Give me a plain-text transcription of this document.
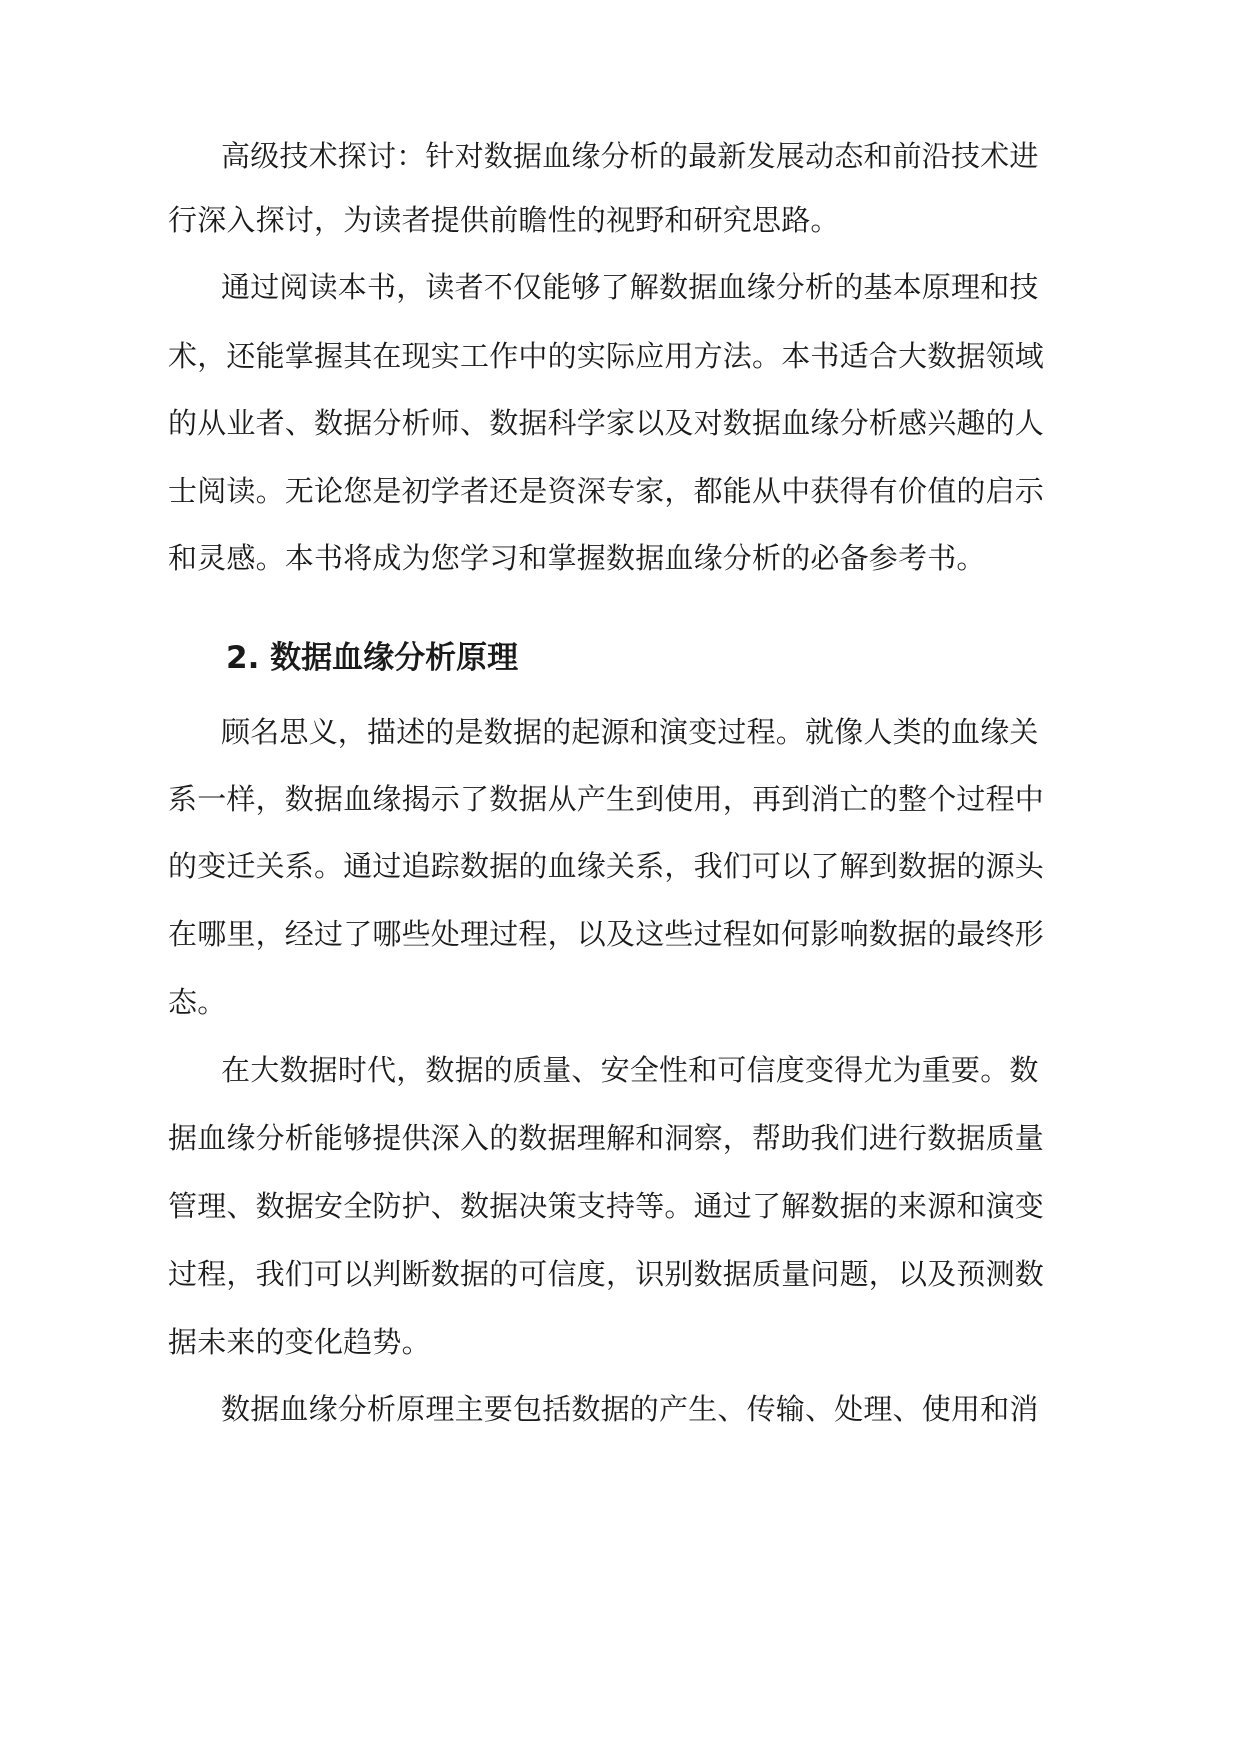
高级技术探讨：针对数据血缘分析的最新发展动态和前沿技术进
行深入探讨，为读者提供前瞻性的视野和研究思路。
通过阅读本书，读者不仅能够了解数据血缘分析的基本原理和技
术，还能掌握其在现实工作中的实际应用方法。本书适合大数据领域
的从业者、数据分析师、数据科学家以及对数据血缘分析感兴趣的人
士阅读。无论您是初学者还是资深专家，都能从中获得有价值的启示
和灵感。本书将成为您学习和掌握数据血缘分析的必备参考书。
2. 数据血缘分析原理
顾名思义，描述的是数据的起源和演变过程。就像人类的血缘关
系一样，数据血缘揭示了数据从产生到使用，再到消亡的整个过程中
的变迁关系。通过追踪数据的血缘关系，我们可以了解到数据的源头
在哪里，经过了哪些处理过程，以及这些过程如何影响数据的最终形
态。
在大数据时代，数据的质量、安全性和可信度变得尤为重要。数
据血缘分析能够提供深入的数据理解和洞察，帮助我们进行数据质量
管理、数据安全防护、数据决策支持等。通过了解数据的来源和演变
过程，我们可以判断数据的可信度，识别数据质量问题，以及预测数
据未来的变化趋势。
数据血缘分析原理主要包括数据的产生、传输、处理、使用和消
